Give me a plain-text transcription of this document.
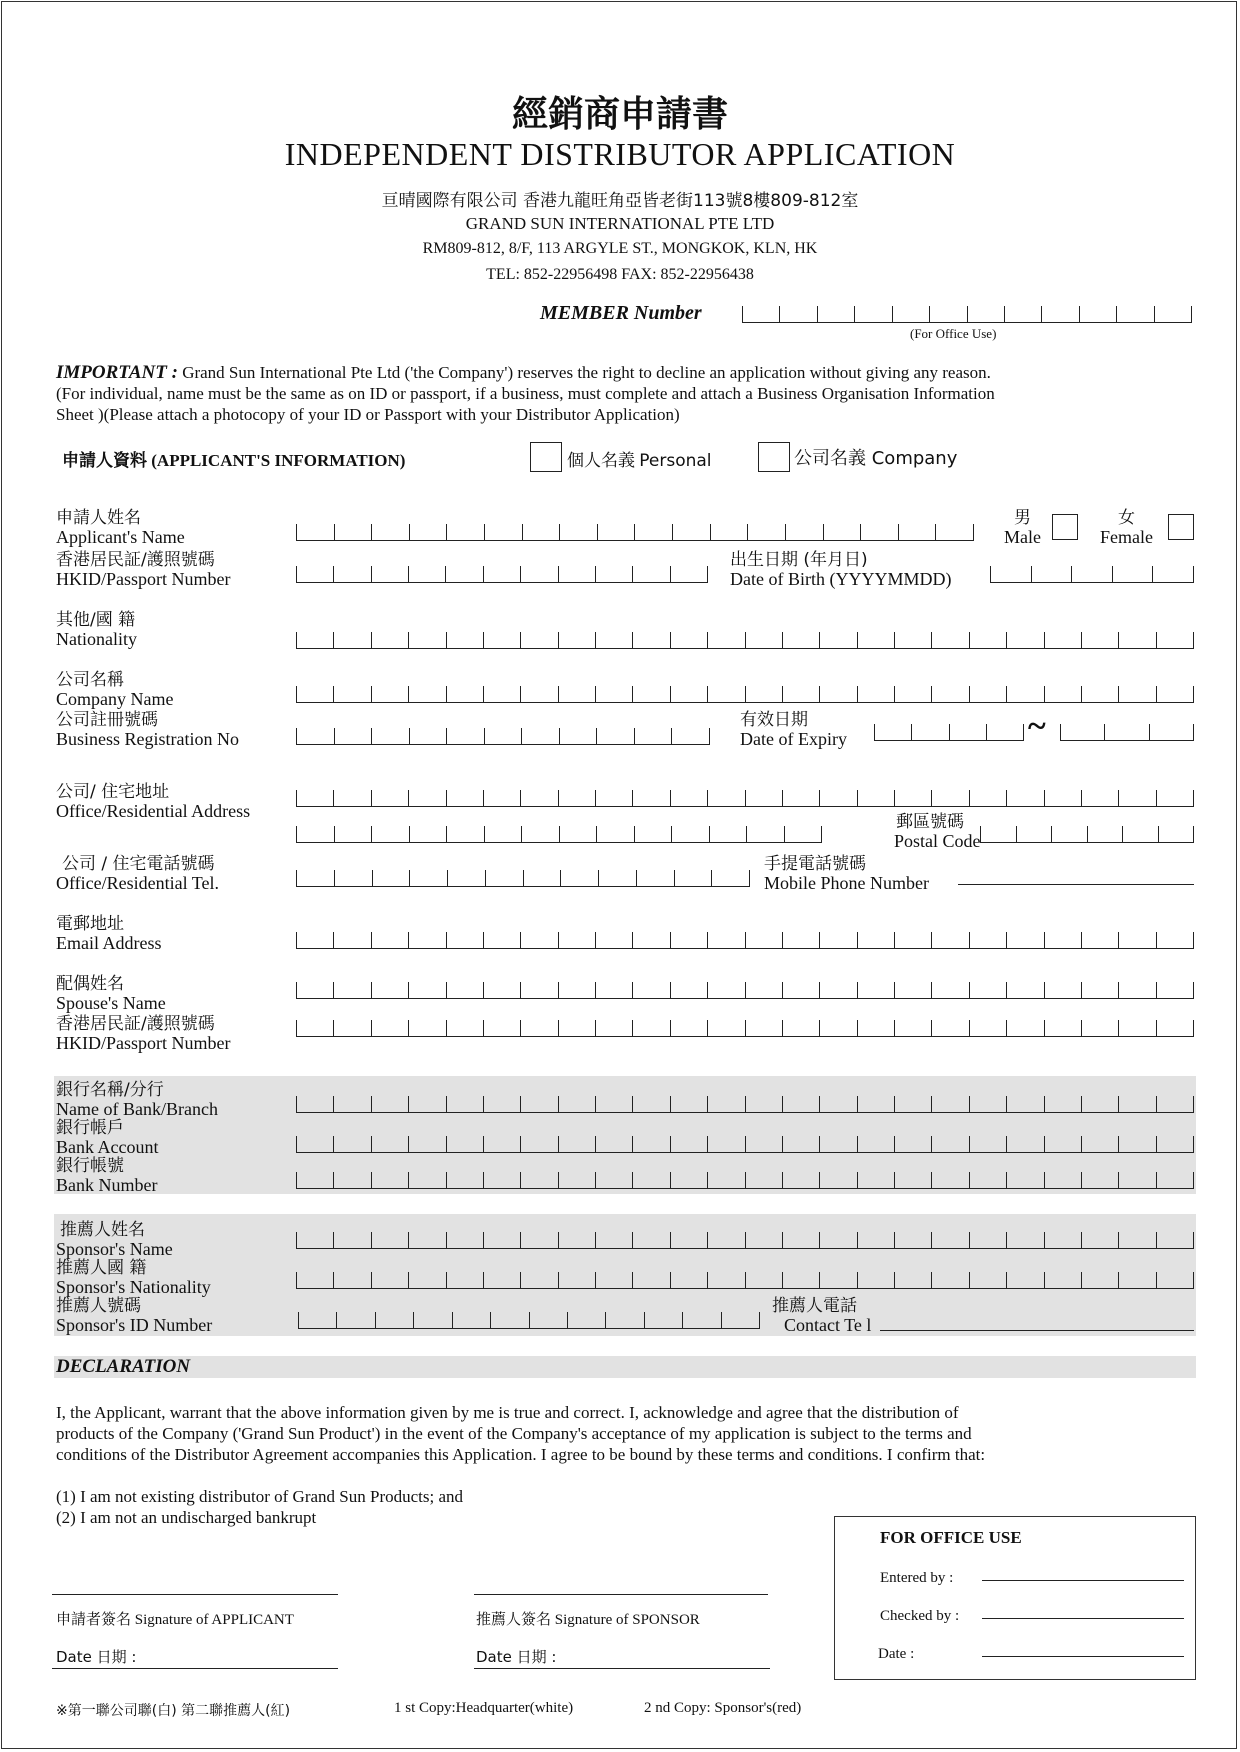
經銷商申請書
INDEPENDENT DISTRIBUTOR APPLICATION
亘晴國際有限公司 香港九龍旺角亞皆老街113號8樓809-812室
GRAND SUN INTERNATIONAL PTE LTD
RM809-812, 8/F, 113 ARGYLE ST., MONGKOK, KLN, HK
TEL: 852-22956498 FAX: 852-22956438
MEMBER Number
(For Office Use)
IMPORTANT : Grand Sun International Pte Ltd ('the Company') reserves the right to decline an application without giving any reason.
(For individual, name must be the same as on ID or passport, if a business, must complete and attach a Business Organisation Information
Sheet )(Please attach a photocopy of your ID or Passport with your Distributor Application)
申請人資料 (APPLICANT'S INFORMATION)	個人名義 Personal	公司名義 Company
申請人姓名
Applicant's Name
男
Male
女
Female
香港居民証/護照號碼
HKID/Passport Number
出生日期 (年月日)
Date of Birth (YYYYMMDD)
其他/國 籍
Nationality
公司名稱
Company Name
公司註冊號碼
Business Registration No
有效日期
Date of Expiry	~
公司/ 住宅地址
Office/Residential Address
郵區號碼
Postal Code
公司 / 住宅電話號碼
Office/Residential Tel.
手提電話號碼
Mobile Phone Number
電郵地址
Email Address
配偶姓名
Spouse's Name
香港居民証/護照號碼
HKID/Passport Number
銀行名稱/分行
Name of Bank/Branch
銀行帳戶
Bank Account
銀行帳號
Bank Number
推薦人姓名
Sponsor's Name
推薦人國 籍
Sponsor's Nationality
推薦人號碼
Sponsor's ID Number
推薦人電話
Contact Te l
DECLARATION
I, the Applicant, warrant that the above information given by me is true and correct. I, acknowledge and agree that the distribution of
products of the Company ('Grand Sun Product') in the event of the Company's acceptance of my application is subject to the terms and
conditions of the Distributor Agreement accompanies this Application. I agree to be bound by these terms and conditions. I confirm that:
(1) I am not existing distributor of Grand Sun Products; and
(2) I am not an undischarged bankrupt
FOR OFFICE USE
Entered by :
Checked by :
Date :
申請者簽名 Signature of APPLICANT	推薦人簽名 Signature of SPONSOR
Date 日期 :	Date 日期 :
※第一聯公司聯(白) 第二聯推薦人(紅)	1 st Copy:Headquarter(white)	2 nd Copy: Sponsor's(red)
